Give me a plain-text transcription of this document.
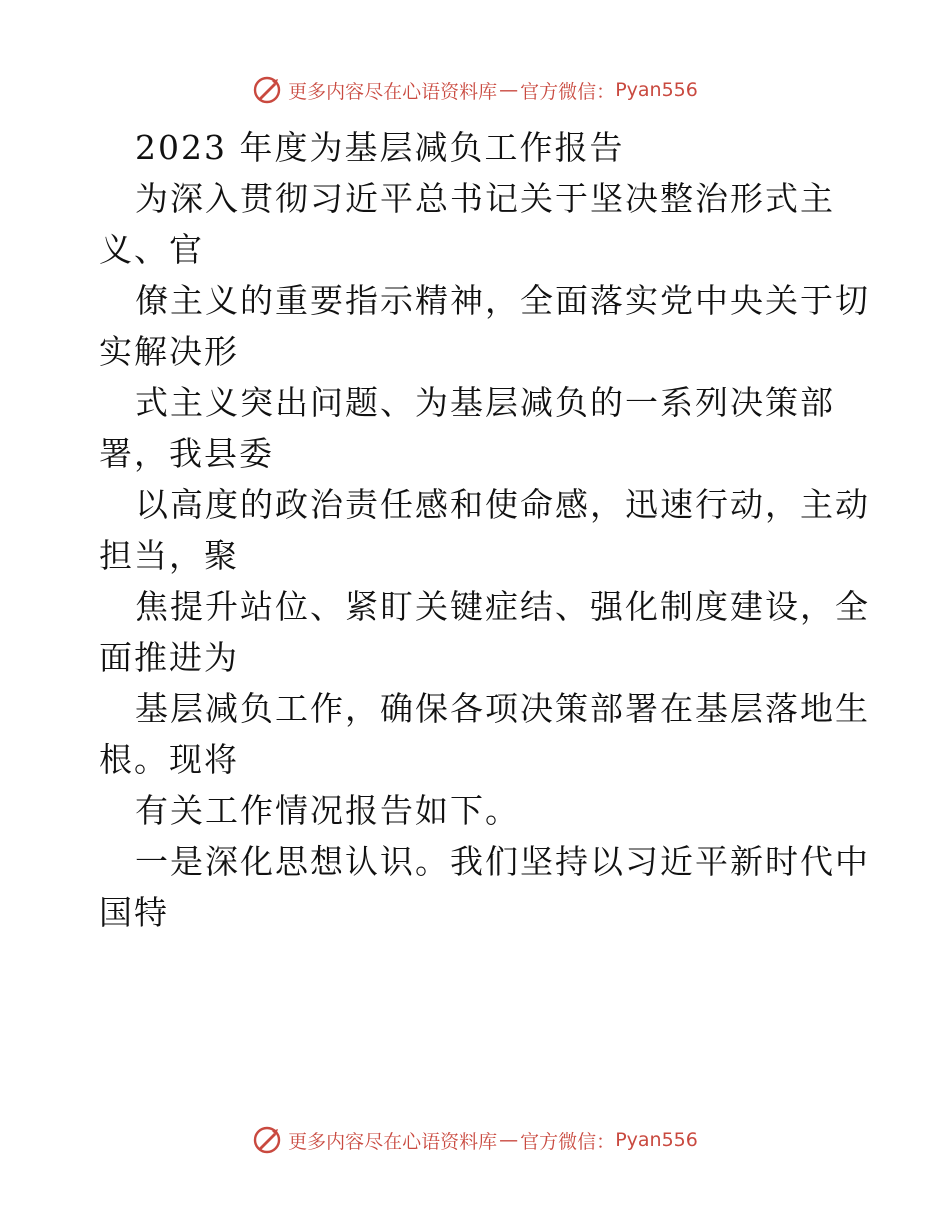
更多内容尽在心语资料库 — 官方微信： Pyan556
2023 年度为基层减负工作报告
为深入贯彻习近平总书记关于坚决整治形式主
义、官
僚主义的重要指示精神，全面落实党中央关于切
实解决形
式主义突出问题、为基层减负的一系列决策部
署，我县委
以高度的政治责任感和使命感，迅速行动，主动
担当，聚
焦提升站位、紧盯关键症结、强化制度建设，全
面推进为
基层减负工作，确保各项决策部署在基层落地生
根。现将
有关工作情况报告如下。
一是深化思想认识。我们坚持以习近平新时代中
国特
更多内容尽在心语资料库 — 官方微信： Pyan556
